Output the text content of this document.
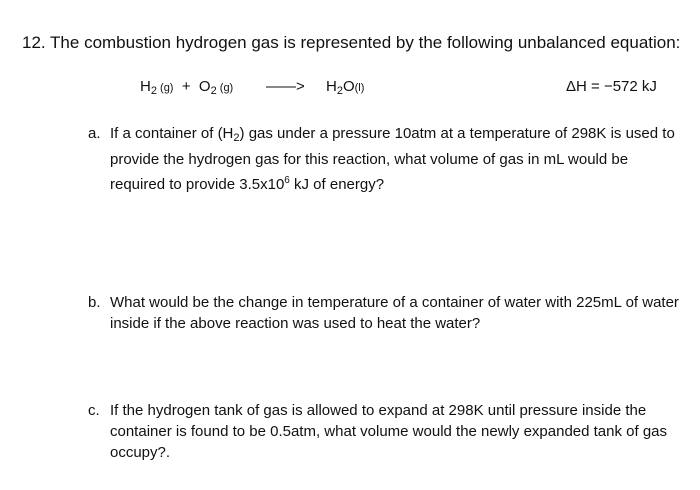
12. The combustion hydrogen gas is represented by the following unbalanced equation:
$H_2$ $(g) + O_2$ (g) ——> $H_2O(l)$	ΔH = −572 kJ
a. If a container of $(H_2)$ gas under a pressure 10atm at a temperature of 298K is used to provide the hydrogen gas for this reaction, what volume of gas in mL would be required to provide $3.5x10^6$ kJ of energy?
b. What would be the change in temperature of a container of water with 225mL of water inside if the above reaction was used to heat the water?
c. If the hydrogen tank of gas is allowed to expand at 298K until pressure inside the container is found to be 0.5atm, what volume would the newly expanded tank of gas occupy?.
